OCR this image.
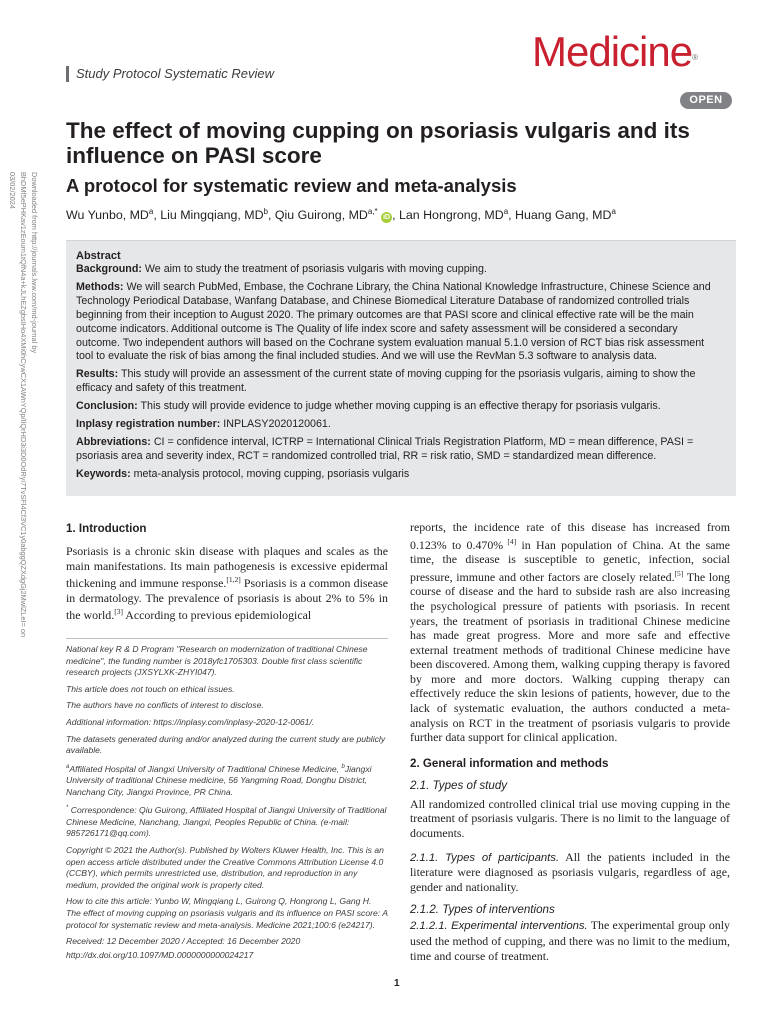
Downloaded from http://journals.lww.com/md-journal by BhDMf5ePHKav1zEoum1tQfN4a+kJLhEZgbsIHo4XMi0hCywCX1AWnYQp/IlQrHD3i3D0OdRyi7TvSFl4Cf3VC1y0abggQZXdgGj2MwlZLeI= on 03/02/2024
Study Protocol Systematic Review	Medicine®
OPEN
The effect of moving cupping on psoriasis vulgaris and its influence on PASI score
A protocol for systematic review and meta-analysis
Wu Yunbo, $MD^a$, Liu Mingqiang, $MD^b$, Qiu Guirong, $MD^{a,*}$ iD , Lan Hongrong, $MD^a$, Huang Gang, $MD^a$
Abstract

Background: We aim to study the treatment of psoriasis vulgaris with moving cupping.

Methods: We will search PubMed, Embase, the Cochrane Library, the China National Knowledge Infrastructure, Chinese Science and Technology Periodical Database, Wanfang Database, and Chinese Biomedical Literature Database of randomized controlled trials beginning from their inception to August 2020. The primary outcomes are that PASI score and clinical effective rate will be the main outcome indicators. Additional outcome is The Quality of life index score and safety assessment will be considered a secondary outcome. Two independent authors will based on the Cochrane system evaluation manual 5.1.0 version of RCT bias risk assessment tool to evaluate the risk of bias among the final included studies. And we will use the RevMan 5.3 software to analysis data.

Results: This study will provide an assessment of the current state of moving cupping for the psoriasis vulgaris, aiming to show the efficacy and safety of this treatment.

Conclusion: This study will provide evidence to judge whether moving cupping is an effective therapy for psoriasis vulgaris.

Inplasy registration number: INPLASY2020120061.

Abbreviations: CI = confidence interval, ICTRP = International Clinical Trials Registration Platform, MD = mean difference, PASI = psoriasis area and severity index, RCT = randomized controlled trial, RR = risk ratio, SMD = standardized mean difference.

Keywords: meta-analysis protocol, moving cupping, psoriasis vulgaris

1. Introduction

Psoriasis is a chronic skin disease with plaques and scales as the main manifestations. Its main pathogenesis is excessive epidermal thickening and immune response.[1,2] Psoriasis is a common disease in dermatology. The prevalence of psoriasis is about 2% to 5% in the world.[3] According to previous epidemiological

National key R & D Program "Research on modernization of traditional Chinese medicine", the funding number is 2018yfc1705303. Double first class scientific research projects (JXSYLXK-ZHYI047).

This article does not touch on ethical issues.

The authors have no conflicts of interest to disclose.

Additional information: https://inplasy.com/inplasy-2020-12-0061/.

The datasets generated during and/or analyzed during the current study are publicly available.

$^a$Affiliated Hospital of Jiangxi University of Traditional Chinese Medicine, $^b$Jiangxi University of traditional Chinese medicine, 56 Yangming Road, Donghu District, Nanchang City, Jiangxi Province, PR China.

* Correspondence: Qiu Guirong, Affiliated Hospital of Jiangxi University of Traditional Chinese Medicine, Nanchang, Jiangxi, Peoples Republic of China. (e-mail: 985726171@qq.com).

Copyright © 2021 the Author(s). Published by Wolters Kluwer Health, Inc. This is an open access article distributed under the Creative Commons Attribution License 4.0 (CCBY), which permits unrestricted use, distribution, and reproduction in any medium, provided the original work is properly cited.

How to cite this article: Yunbo W, Mingqiang L, Guirong Q, Hongrong L, Gang H. The effect of moving cupping on psoriasis vulgaris and its influence on PASI score: A protocol for systematic review and meta-analysis. Medicine 2021;100:6 (e24217).

Received: 12 December 2020 / Accepted: 16 December 2020

http://dx.doi.org/10.1097/MD.0000000000024217

reports, the incidence rate of this disease has increased from 0.123% to 0.470% [4] in Han population of China. At the same time, the disease is susceptible to genetic, infection, social pressure, immune and other factors are closely related.[5] The long course of disease and the hard to subside rash are also increasing the psychological pressure of patients with psoriasis. In recent years, the treatment of psoriasis in traditional Chinese medicine has made great progress. More and more safe and effective external treatment methods of traditional Chinese medicine have been discovered. Among them, walking cupping therapy is favored by more and more doctors. Walking cupping therapy can effectively reduce the skin lesions of patients, however, due to the lack of systematic evaluation, the authors conducted a meta-analysis on RCT in the treatment of psoriasis vulgaris to provide further data support for clinical application.

2. General information and methods
2.1. Types of study

All randomized controlled clinical trial use moving cupping in the treatment of psoriasis vulgaris. There is no limit to the language of documents.

2.1.1. Types of participants. All the patients included in the literature were diagnosed as psoriasis vulgaris, regardless of age, gender and nationality.

2.1.2. Types of interventions

2.1.2.1. Experimental interventions. The experimental group only used the method of cupping, and there was no limit to the medium, time and course of treatment.

1
